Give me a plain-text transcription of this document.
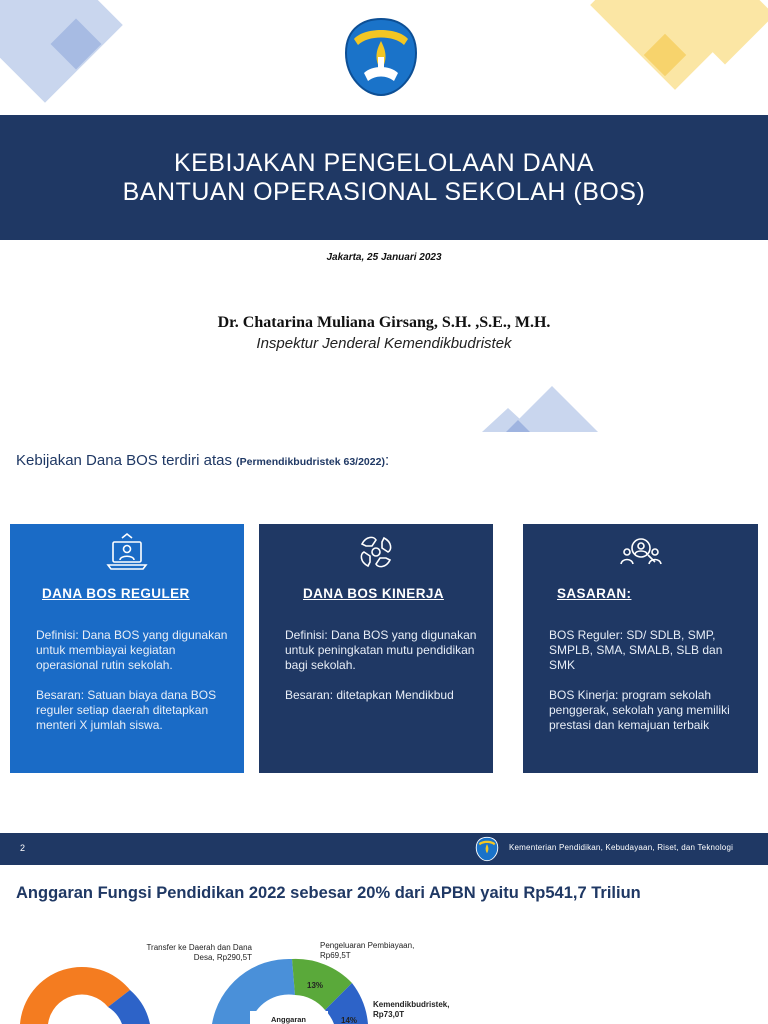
KEBIJAKAN PENGELOLAAN DANA
BANTUAN OPERASIONAL SEKOLAH (BOS)
Jakarta, 25 Januari 2023
Dr. Chatarina Muliana Girsang, S.H. ,S.E., M.H.
Inspektur Jenderal Kemendikbudristek
Kebijakan Dana BOS terdiri atas (Permendikbudristek 63/2022):
DANA BOS REGULER

Definisi: Dana BOS yang digunakan untuk membiayai kegiatan operasional rutin sekolah.

Besaran: Satuan biaya dana BOS reguler setiap daerah ditetapkan menteri X jumlah siswa.

DANA BOS KINERJA

Definisi: Dana BOS yang digunakan untuk peningkatan mutu pendidikan bagi sekolah.

Besaran: ditetapkan Mendikbud

SASARAN:

BOS Reguler: SD/ SDLB, SMP, SMPLB, SMA, SMALB, SLB dan SMK

BOS Kinerja: program sekolah penggerak, sekolah yang memiliki prestasi dan kemajuan terbaik

2	Kementerian Pendidikan, Kebudayaan, Riset, dan Teknologi
Anggaran Fungsi Pendidikan 2022 sebesar 20% dari APBN yaitu Rp541,7 Triliun
Transfer ke Daerah dan Dana Desa, Rp290,5T
Pengeluaran Pembiayaan, Rp69,5T
Kemendikbudristek, Rp73,0T
13%
14%
Anggaran
